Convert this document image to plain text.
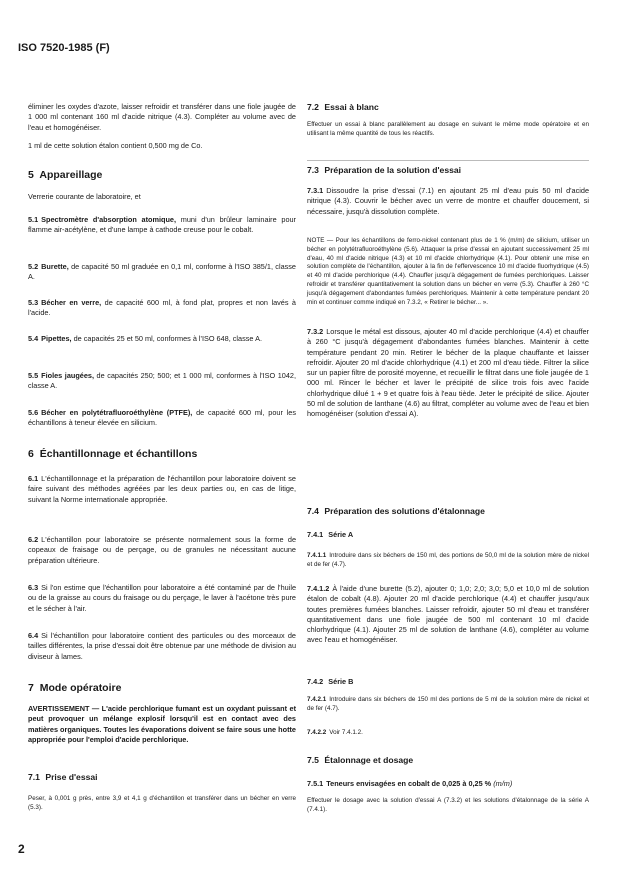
ISO 7520-1985 (F)

éliminer les oxydes d'azote, laisser refroidir et transférer dans une fiole jaugée de 1 000 ml contenant 160 ml d'acide nitrique (4.3). Compléter au volume avec de l'eau et homogénéiser.

1 ml de cette solution étalon contient 0,500 mg de Co.

5 Appareillage

Verrerie courante de laboratoire, et

5.1 Spectromètre d'absorption atomique, muni d'un brûleur laminaire pour flamme air-acétylène, et d'une lampe à cathode creuse pour le cobalt.

5.2 Burette, de capacité 50 ml graduée en 0,1 ml, conforme à l'ISO 385/1, classe A.

5.3 Bécher en verre, de capacité 600 ml, à fond plat, propres et non lavés à l'acide.

5.4 Pipettes, de capacités 25 et 50 ml, conformes à l'ISO 648, classe A.

5.5 Fioles jaugées, de capacités 250; 500; et 1 000 ml, conformes à l'ISO 1042, classe A.

5.6 Bécher en polytétrafluoroéthylène (PTFE), de capacité 600 ml, pour les échantillons à teneur élevée en silicium.

6 Échantillonnage et échantillons

6.1 L'échantillonnage et la préparation de l'échantillon pour laboratoire doivent se faire suivant des méthodes agréées par les deux parties ou, en cas de litige, suivant la Norme internationale appropriée.

6.2 L'échantillon pour laboratoire se présente normalement sous la forme de copeaux de fraisage ou de perçage, ou de granules ne nécessitant aucune préparation ultérieure.

6.3 Si l'on estime que l'échantillon pour laboratoire a été contaminé par de l'huile ou de la graisse au cours du fraisage ou du perçage, le laver à l'acétone très pure et le sécher à l'air.

6.4 Si l'échantillon pour laboratoire contient des particules ou des morceaux de tailles différentes, la prise d'essai doit être obtenue par une méthode de division au diviseur à lames.

7 Mode opératoire

AVERTISSEMENT — L'acide perchlorique fumant est un oxydant puissant et peut provoquer un mélange explosif lorsqu'il est en contact avec des matières organiques. Toutes les évaporations doivent se faire sous une hotte appropriée pour l'emploi d'acide perchlorique.

7.1 Prise d'essai

Peser, à 0,001 g près, entre 3,9 et 4,1 g d'échantillon et transférer dans un bécher en verre (5.3).

7.2 Essai à blanc

Effectuer un essai à blanc parallèlement au dosage en suivant le même mode opératoire et en utilisant la même quantité de tous les réactifs.

7.3 Préparation de la solution d'essai

7.3.1 Dissoudre la prise d'essai (7.1) en ajoutant 25 ml d'eau puis 50 ml d'acide nitrique (4.3). Couvrir le bécher avec un verre de montre et chauffer doucement, si nécessaire, jusqu'à dissolution complète.

NOTE — Pour les échantillons de ferro-nickel contenant plus de 1 % (m/m) de silicium, utiliser un bécher en polytétrafluoroéthylène (5.6). Attaquer la prise d'essai en ajoutant successivement 25 ml d'eau, 40 ml d'acide nitrique (4.3) et 10 ml d'acide chlorhydrique (4.1). Pour obtenir une mise en solution complète de l'échantillon, ajouter à la fin de l'effervescence 10 ml d'acide fluorhydrique (4.5) et 40 ml d'acide perchlorique (4.4). Chauffer jusqu'à dégagement de fumées perchloriques. Laisser refroidir et transférer quantitativement la solution dans un bécher en verre (5.3). Chauffer à 260 °C jusqu'à dégagement d'abondantes fumées perchloriques. Maintenir à cette température pendant 20 min et continuer comme indiqué en 7.3.2, « Retirer le bécher... ».

7.3.2 Lorsque le métal est dissous, ajouter 40 ml d'acide perchlorique (4.4) et chauffer à 260 °C jusqu'à dégagement d'abondantes fumées blanches. Maintenir à cette température pendant 20 min. Retirer le bécher de la plaque chauffante et laisser refroidir. Ajouter 20 ml d'acide chlorhydrique (4.1) et 200 ml d'eau tiède. Filtrer la silice sur un papier filtre de porosité moyenne, et recueillir le filtrat dans une fiole jaugée de 1 000 ml. Rincer le bécher et laver le précipité de silice trois fois avec l'acide chlorhydrique dilué 1 + 9 et quatre fois à l'eau tiède. Jeter le précipité de silice. Ajouter 50 ml de solution de lanthane (4.6) au filtrat, compléter au volume avec de l'eau et bien homogénéiser (solution d'essai A).

7.4 Préparation des solutions d'étalonnage
7.4.1 Série A

7.4.1.1 Introduire dans six béchers de 150 ml, des portions de 50,0 ml de la solution mère de nickel et de fer (4.7).

7.4.1.2 À l'aide d'une burette (5.2), ajouter 0; 1,0; 2,0; 3,0; 5,0 et 10,0 ml de solution étalon de cobalt (4.8). Ajouter 20 ml d'acide perchlorique (4.4) et chauffer jusqu'aux toutes premières fumées blanches. Laisser refroidir, ajouter 50 ml d'eau et transférer quantitativement dans une fiole jaugée de 500 ml contenant 10 ml d'acide chlorhydrique (4.1). Ajouter 25 ml de solution de lanthane (4.6), compléter au volume avec l'eau et homogénéiser.

7.4.2 Série B

7.4.2.1 Introduire dans six béchers de 150 ml des portions de 5 ml de la solution mère de nickel et de fer (4.7).

7.4.2.2 Voir 7.4.1.2.

7.5 Étalonnage et dosage
7.5.1 Teneurs envisagées en cobalt de 0,025 à 0,25 % (m/m)

Effectuer le dosage avec la solution d'essai A (7.3.2) et les solutions d'étalonnage de la série A (7.4.1).

2
